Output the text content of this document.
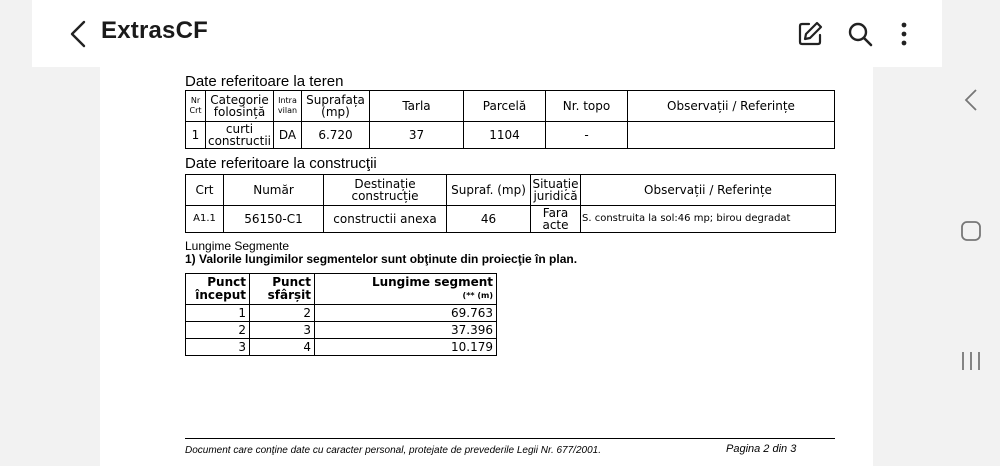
ExtrasCF
Date referitoare la teren
Nr Crt	Categorie folosință	Intra vilan	Suprafața (mp)	Tarla	Parcelă	Nr. topo	Observații / Referințe
1	curti constructii	DA	6.720	37	1104	-	
Date referitoare la construcţii
Crt	Număr	Destinație construcție	Supraf. (mp)	Situație juridică	Observații / Referințe
A1.1	56150-C1	constructii anexa	46	Fara acte	S. construita la sol:46 mp; birou degradat
Lungime Segmente
1) Valorile lungimilor segmentelor sunt obţinute din proiecţie în plan.
Punct început	Punct sfârșit	Lungime segment
(** (m)

1	2	69.763
2	3	37.396
3	4	10.179
Document care conţine date cu caracter personal, protejate de prevederile Legii Nr. 677/2001.	Pagina 2 din 3
